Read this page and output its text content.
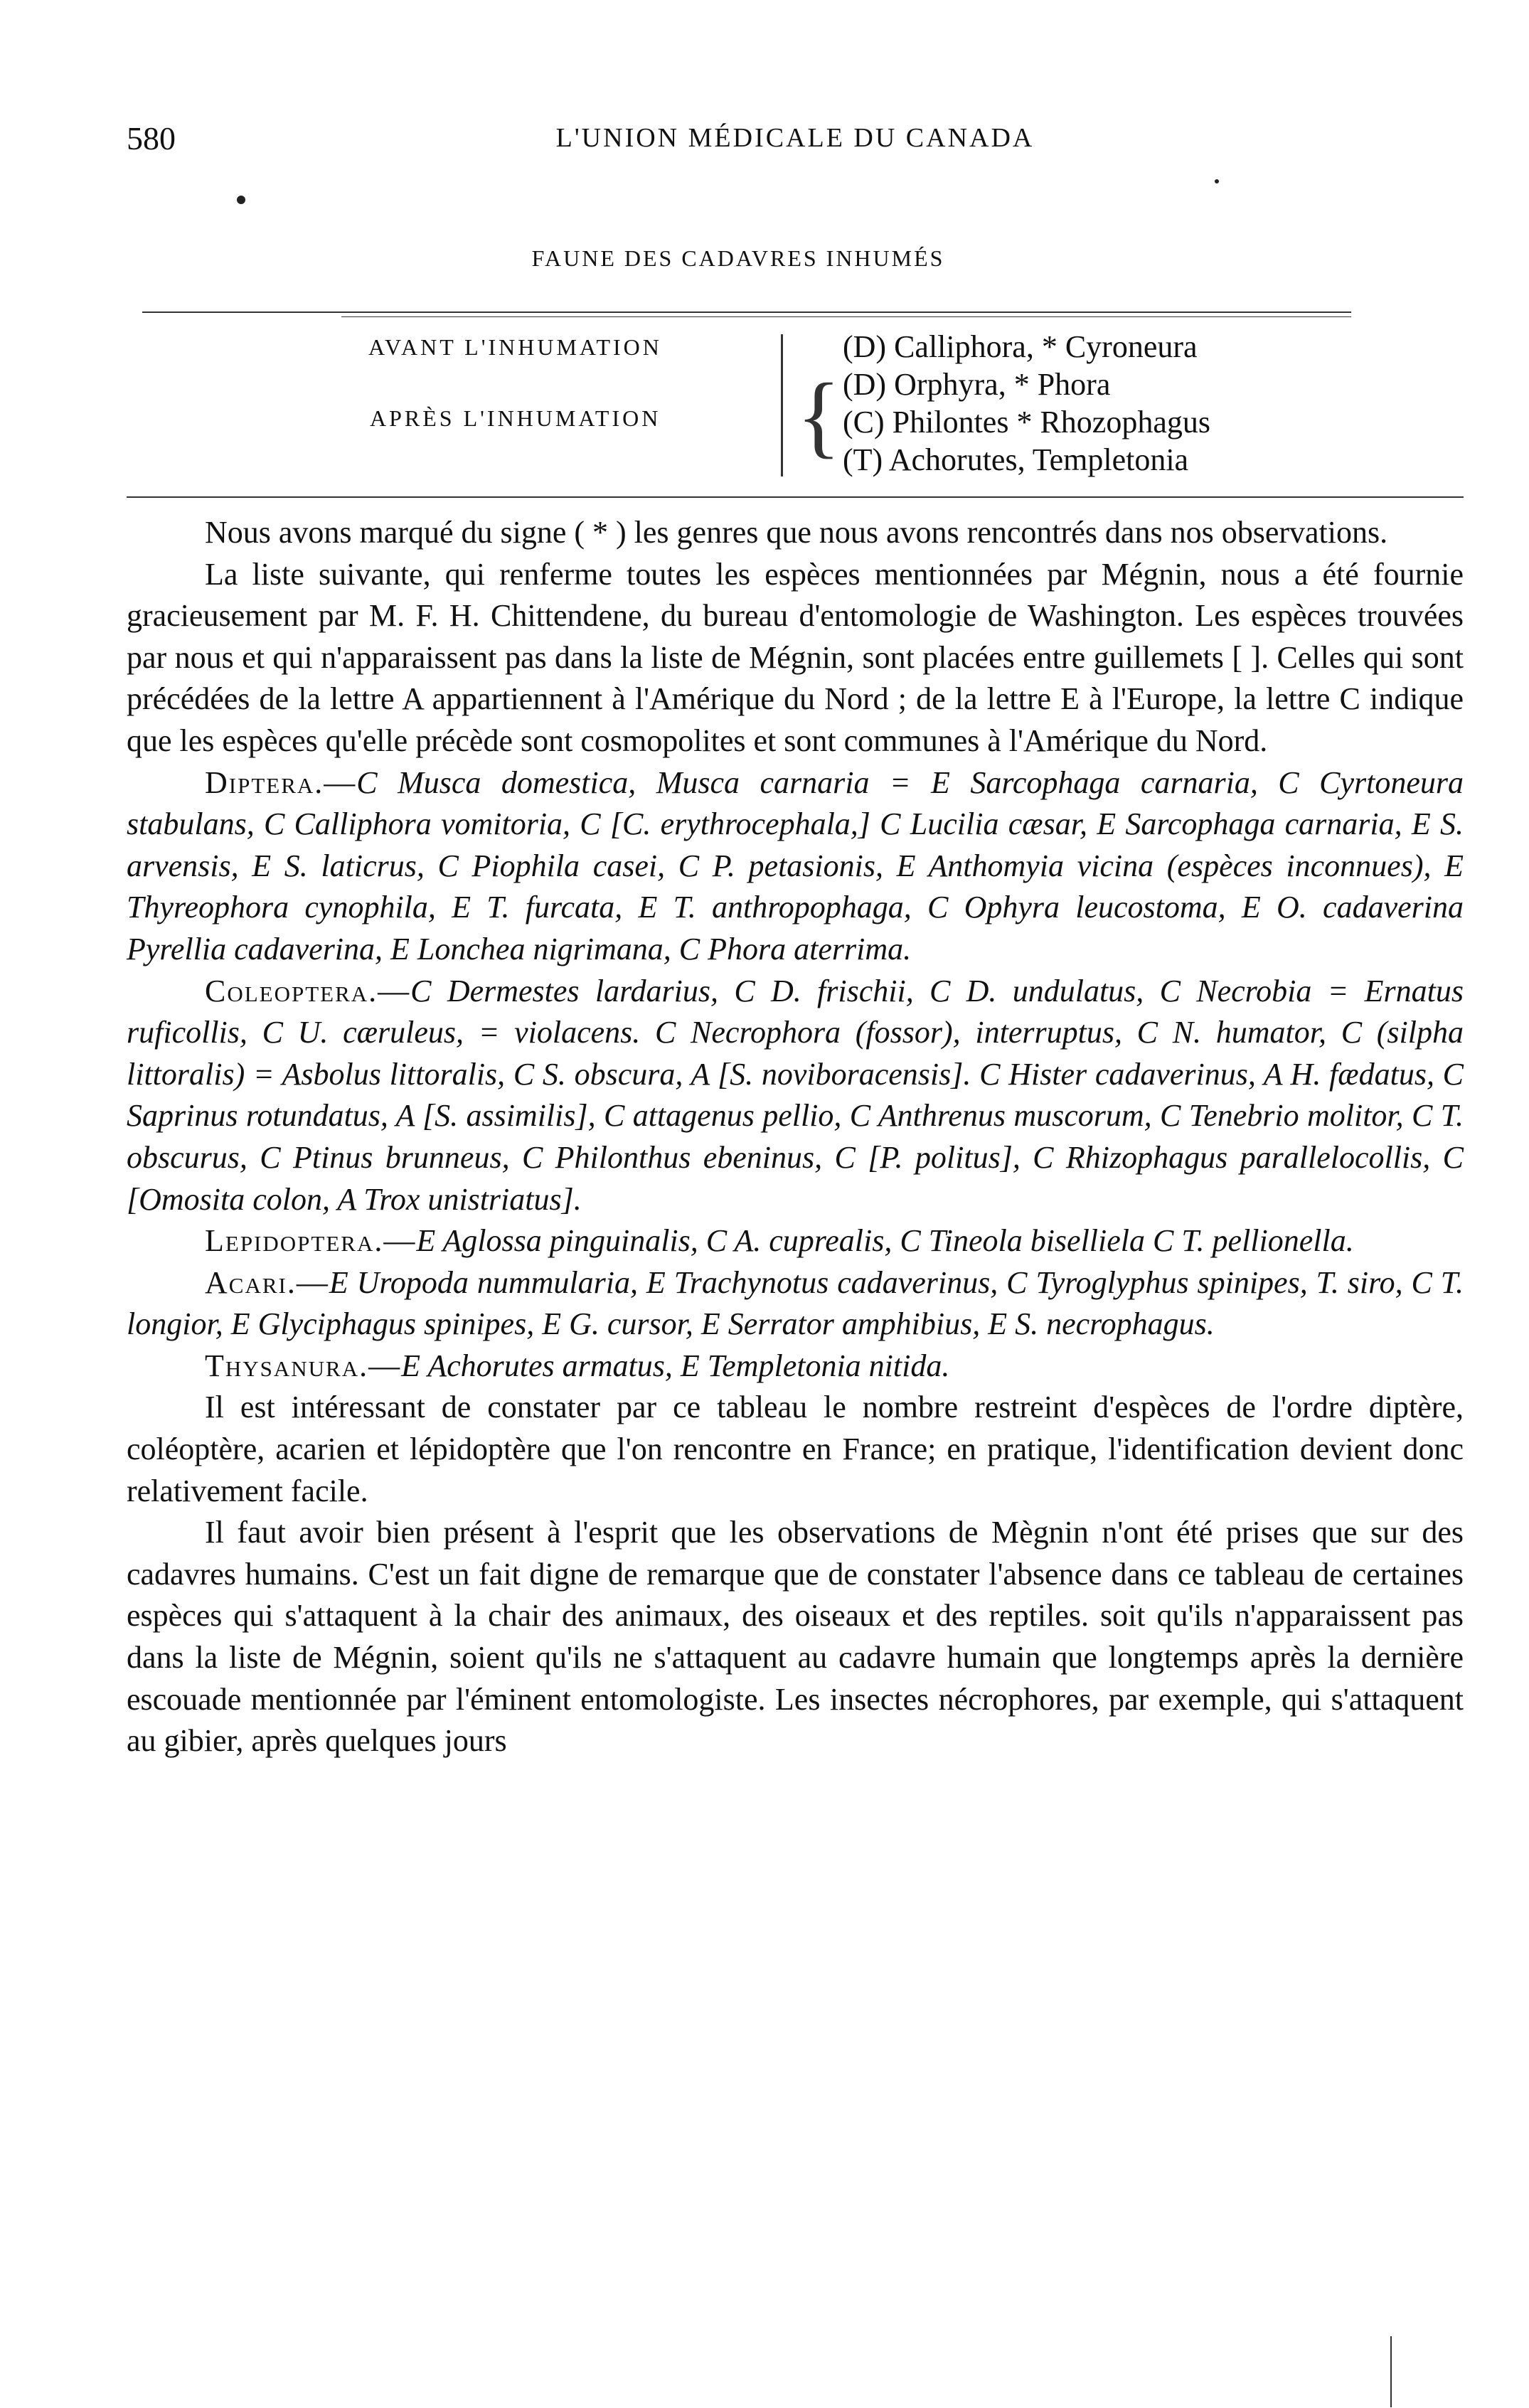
580	L'UNION MÉDICALE DU CANADA
FAUNE DES CADAVRES INHUMÉS
AVANT L'INHUMATION
APRÈS L'INHUMATION {
(D) Calliphora, * Cyroneura
(D) Orphyra, * Phora
(C) Philontes * Rhozophagus
(T) Achorutes, Templetonia

Nous avons marqué du signe ( * ) les genres que nous avons rencontrés dans nos observations.

La liste suivante, qui renferme toutes les espèces mentionnées par Mégnin, nous a été fournie gracieusement par M. F. H. Chittendene, du bureau d'entomologie de Washington. Les espèces trouvées par nous et qui n'apparaissent pas dans la liste de Mégnin, sont placées entre guillemets [ ]. Celles qui sont précédées de la lettre A appartiennent à l'Amérique du Nord ; de la lettre E à l'Europe, la lettre C indique que les espèces qu'elle précède sont cosmopolites et sont communes à l'Amérique du Nord.

Diptera.—C Musca domestica, Musca carnaria = E Sarcophaga carnaria, C Cyrtoneura stabulans, C Calliphora vomitoria, C [C. erythrocephala,] C Lucilia cæsar, E Sarcophaga carnaria, E S. arvensis, E S. laticrus, C Piophila casei, C P. petasionis, E Anthomyia vicina (espèces inconnues), E Thyreophora cynophila, E T. furcata, E T. anthropophaga, C Ophyra leucostoma, E O. cadaverina Pyrellia cadaverina, E Lonchea nigrimana, C Phora aterrima.

Coleoptera.—C Dermestes lardarius, C D. frischii, C D. undulatus, C Necrobia = Ernatus ruficollis, C U. cæruleus, = violacens. C Necrophora (fossor), interruptus, C N. humator, C (silpha littoralis) = Asbolus littoralis, C S. obscura, A [S. noviboracensis]. C Hister cadaverinus, A H. fædatus, C Saprinus rotundatus, A [S. assimilis], C attagenus pellio, C Anthrenus muscorum, C Tenebrio molitor, C T. obscurus, C Ptinus brunneus, C Philonthus ebeninus, C [P. politus], C Rhizophagus parallelocollis, C [Omosita colon, A Trox unistriatus].

Lepidoptera.—E Aglossa pinguinalis, C A. cuprealis, C Tineola biselliela C T. pellionella.

Acari.—E Uropoda nummularia, E Trachynotus cadaverinus, C Tyroglyphus spinipes, T. siro, C T. longior, E Glyciphagus spinipes, E G. cursor, E Serrator amphibius, E S. necrophagus.

Thysanura.—E Achorutes armatus, E Templetonia nitida.

Il est intéressant de constater par ce tableau le nombre restreint d'espèces de l'ordre diptère, coléoptère, acarien et lépidoptère que l'on rencontre en France; en pratique, l'identification devient donc relativement facile.

Il faut avoir bien présent à l'esprit que les observations de Mègnin n'ont été prises que sur des cadavres humains. C'est un fait digne de remarque que de constater l'absence dans ce tableau de certaines espèces qui s'attaquent à la chair des animaux, des oiseaux et des reptiles. soit qu'ils n'apparaissent pas dans la liste de Mégnin, soient qu'ils ne s'attaquent au cadavre humain que longtemps après la dernière escouade mentionnée par l'éminent entomologiste. Les insectes nécrophores, par exemple, qui s'attaquent au gibier, après quelques jours
